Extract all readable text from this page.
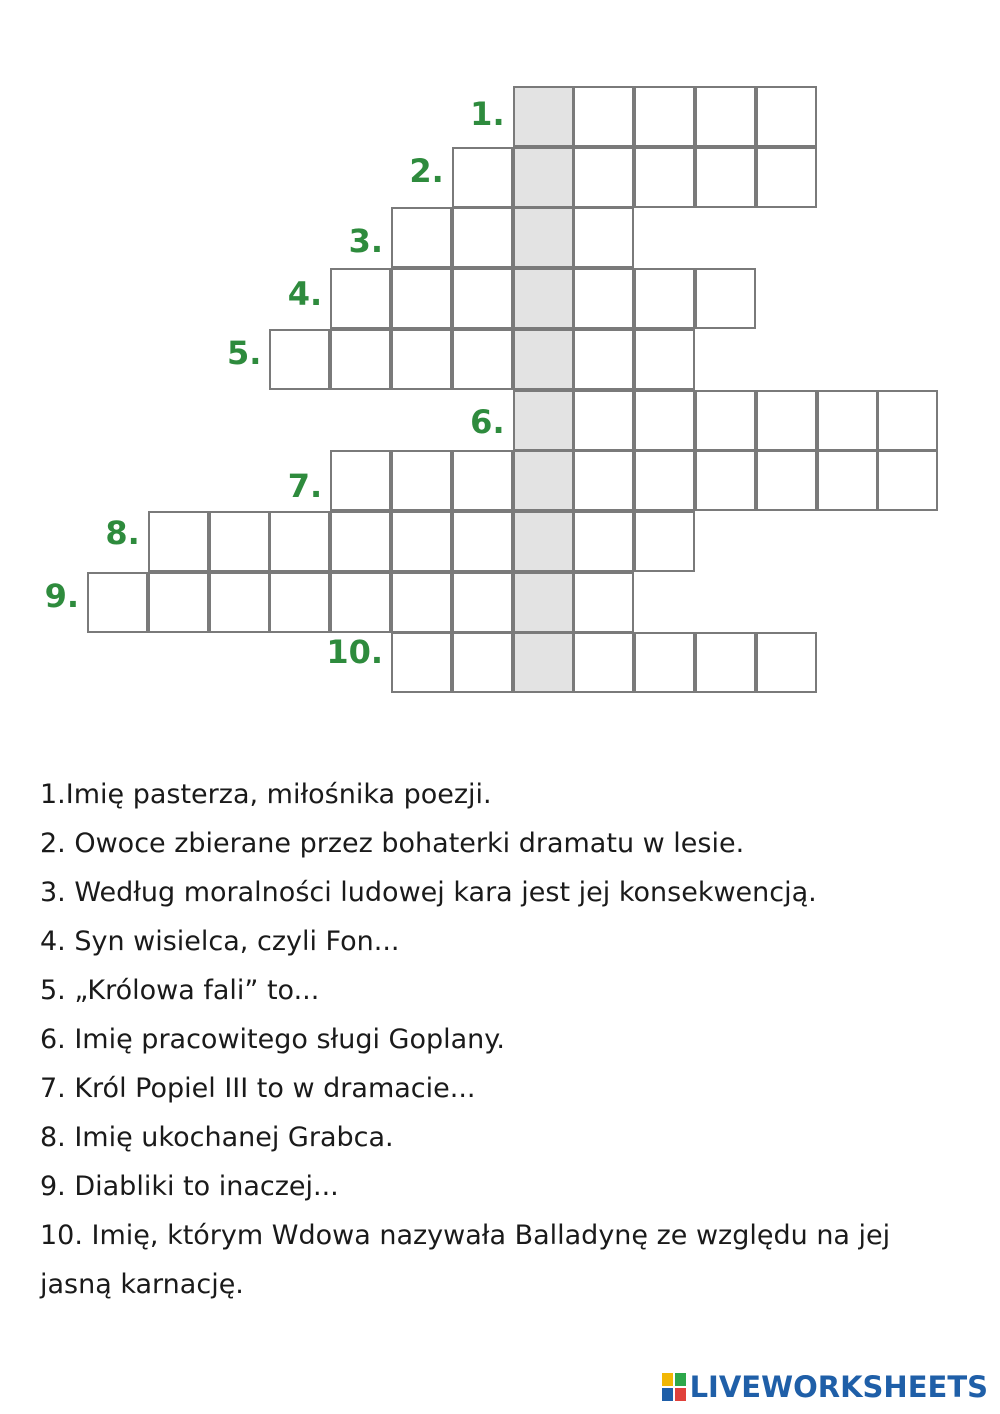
1.
2.
3.
4.
5.
6.
7.
8.
9.
10.

1.Imię pasterza, miłośnika poezji.

2. Owoce zbierane przez bohaterki dramatu w lesie.

3. Według moralności ludowej kara jest jej konsekwencją.

4. Syn wisielca, czyli Fon...

5. „Królowa fali” to...

6. Imię pracowitego sługi Goplany.

7. Król Popiel III to w dramacie...

8. Imię ukochanej Grabca.

9. Diabliki to inaczej...

10. Imię, którym Wdowa nazywała Balladynę ze względu na jej jasną karnację.

LIVEWORKSHEETS
